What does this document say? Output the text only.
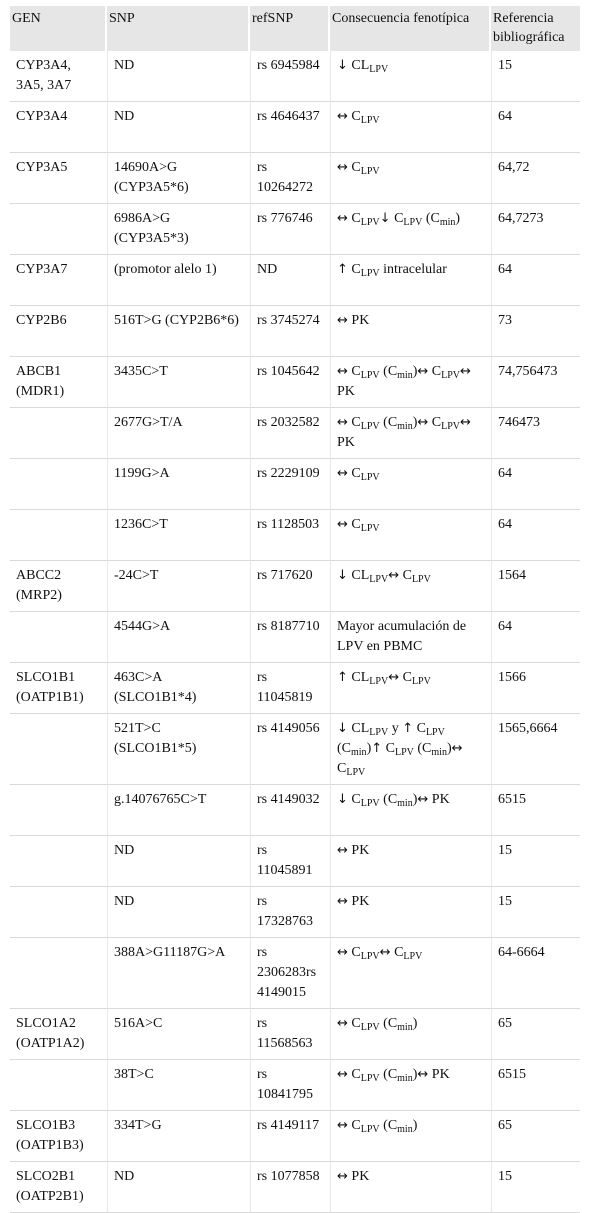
GEN	SNP	refSNP	Consecuencia fenotípica	Referencia bibliográfica
CYP3A4, 3A5, 3A7	ND	rs 6945984	↓ $CL_{LPV}$	15
CYP3A4	ND	rs 4646437	↔ $C_{LPV}$	64
CYP3A5	14690A>G (CYP3A5*6)	rs 10264272	↔ $C_{LPV}$	64,72
	6986A>G (CYP3A5*3)	rs 776746	↔ $C_{LPV}↓$ $C_{LPV}$ $(C_{min})$	64,7273
CYP3A7	(promotor alelo 1)	ND	↑ $C_{LPV}$ intracelular	64
CYP2B6	516T>G (CYP2B6*6)	rs 3745274	↔ PK	73
ABCB1 (MDR1)	3435C>T	rs 1045642	↔ $C_{LPV}$ $(C_{min})\leftrightarrow$ $C_{LPV}\leftrightarrow$ PK	74,756473
	2677G>T/A	rs 2032582	↔ $C_{LPV}$ $(C_{min})\leftrightarrow$ $C_{LPV}\leftrightarrow$ PK	746473
	1199G>A	rs 2229109	↔ $C_{LPV}$	64
	1236C>T	rs 1128503	↔ $C_{LPV}$	64
ABCC2 (MRP2)	-24C>T	rs 717620	↓ $CL_{LPV}\leftrightarrow$ $C_{LPV}$	1564
	4544G>A	rs 8187710	Mayor acumulación de LPV en PBMC	64
SLCO1B1 (OATP1B1)	463C>A (SLCO1B1*4)	rs 11045819	↑ $CL_{LPV}\leftrightarrow$ $C_{LPV}$	1566
	521T>C (SLCO1B1*5)	rs 4149056	↓ $CL_{LPV}$ y ↑ $C_{LPV}$ $(C_{min})↑$ $C_{LPV}$ $(C_{min})\leftrightarrow$ $C_{LPV}$	1565,6664
	g.14076765C>T	rs 4149032	↓ $C_{LPV}$ $(C_{min})\leftrightarrow$ PK	6515
	ND	rs 11045891	↔ PK	15
	ND	rs 17328763	↔ PK	15
	388A>G11187G>A	rs 2306283rs 4149015	↔ $C_{LPV}\leftrightarrow$ $C_{LPV}$	64-6664
SLCO1A2 (OATP1A2)	516A>C	rs 11568563	↔ $C_{LPV}$ $(C_{min})$	65
	38T>C	rs 10841795	↔ $C_{LPV}$ $(C_{min})\leftrightarrow$ PK	6515
SLCO1B3 (OATP1B3)	334T>G	rs 4149117	↔ $C_{LPV}$ $(C_{min})$	65
SLCO2B1 (OATP2B1)	ND	rs 1077858	↔ PK	15
